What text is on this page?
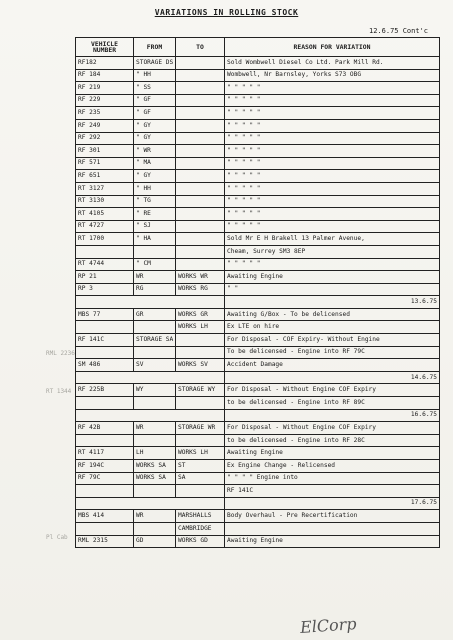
VARIATIONS IN ROLLING STOCK
12.6.75 Cont'c
VEHICLE NUMBER	FROM	TO	REASON FOR VARIATION
RF182	STORAGE DS		Sold Wombwell Diesel Co Ltd. Park Mill Rd.
RF 184	" HH		Wombwell, Nr Barnsley, Yorks S73 OBG
RF 219	" SS		" " " " "
RF 229	" GF		" " " " "
RF 235	" GF		" " " " "
RF 249	" GY		" " " " "
RF 292	" GY		" " " " "
RF 301	" WR		" " " " "
RF 571	" MA		" " " " "
RF 651	" GY		" " " " "
RT 3127	" HH		" " " " "
RT 3130	" TG		" " " " "
RT 4105	" RE		" " " " "
RT 4727	" SJ		" " " " "
RT 1700	" HA		Sold Mr E H Brakell 13 Palmer Avenue,
			Cheam, Surrey SM3 8EP
RT 4744	" CM		" " " " "
RP 21	WR	WORKS WR	Awaiting Engine
RP 3	RG	WORKS RG	" "
			13.6.75
MBS 77	GR	WORKS GR	Awaiting G/Box - To be delicensed
		WORKS LH	Ex LTE on hire
RF 141C	STORAGE SA		For Disposal - COF Expiry- Without Engine
			To be delicensed - Engine into RF 79C
SM 486	SV	WORKS SV	Accident Damage
			14.6.75
RF 225B	WY	STORAGE WY	For Disposal - Without Engine COF Expiry
			to be delicensed - Engine into RF 89C
			16.6.75
RF 42B	WR	STORAGE WR	For Disposal - Without Engine COF Expiry
			to be delicensed - Engine into RF 28C
RT 4117	LH	WORKS LH	Awaiting Engine
RF 194C	WORKS SA	ST	Ex Engine Change - Relicensed
RF 79C	WORKS SA	SA	" " " " Engine into
			RF 141C
			17.6.75
MBS 414	WR	MARSHALLS	Body Overhaul - Pre Recertification
		CAMBRIDGE	
RML 2315	GD	WORKS GD	Awaiting Engine
RML 2236
RT 1344
Pl Cab
ElCorp
